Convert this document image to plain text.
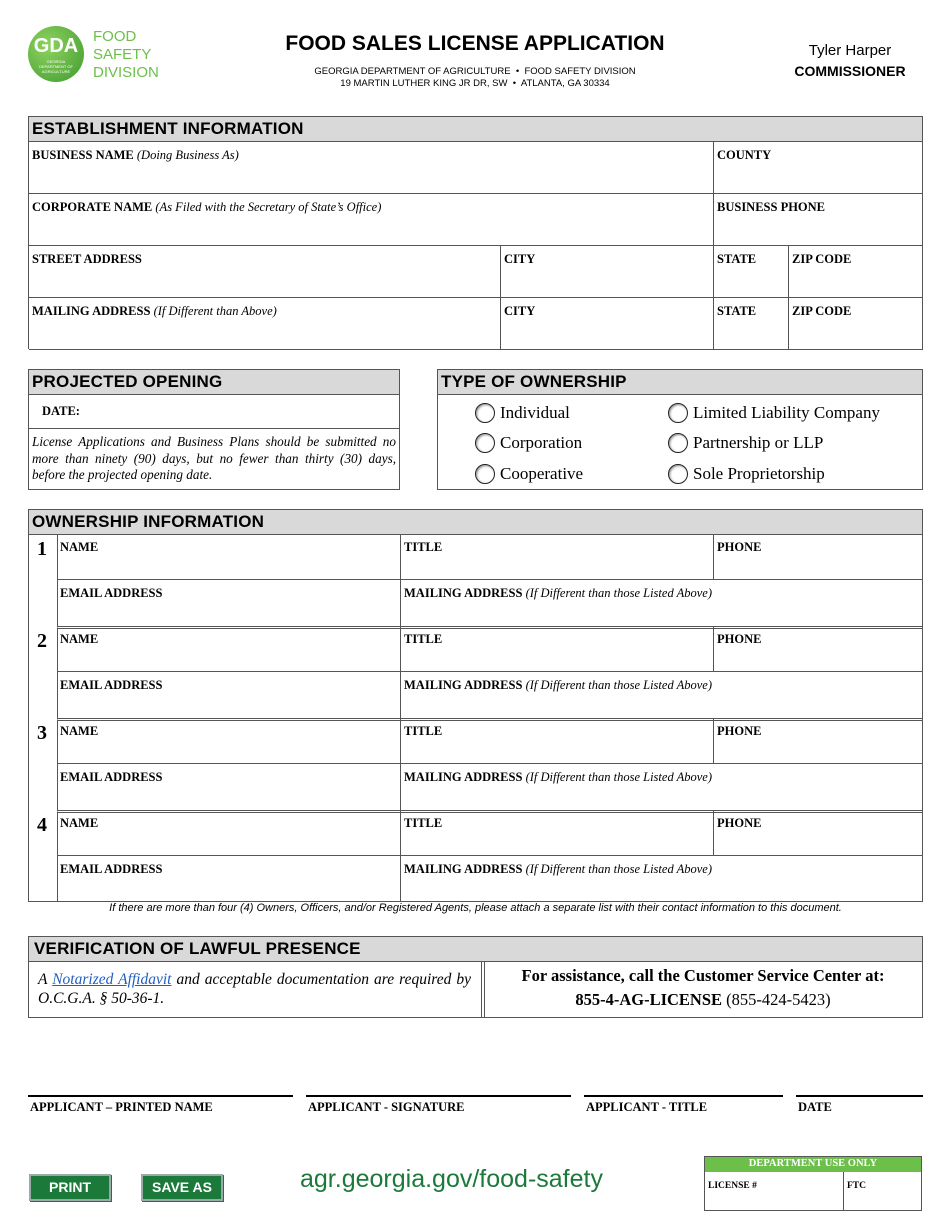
GDA
GEORGIA DEPARTMENT OF AGRICULTURE
FOOD
SAFETY
DIVISION
FOOD SALES LICENSE APPLICATION
GEORGIA DEPARTMENT OF AGRICULTURE  •  FOOD SAFETY DIVISION
19 MARTIN LUTHER KING JR DR, SW  •  ATLANTA, GA 30334
Tyler Harper
COMMISSIONER
ESTABLISHMENT INFORMATION
BUSINESS NAME (Doing Business As)	COUNTY
CORPORATE NAME (As Filed with the Secretary of State’s Office)	BUSINESS PHONE
STREET ADDRESS	CITY	STATE	ZIP CODE
MAILING ADDRESS (If Different than Above)	CITY	STATE	ZIP CODE
PROJECTED OPENING
DATE:
License Applications and Business Plans should be submitted no more than ninety (90) days, but no fewer than thirty (30) days, before the projected opening date.
TYPE OF OWNERSHIP
Individual	Limited Liability Company
Corporation	Partnership or LLP
Cooperative	Sole Proprietorship
OWNERSHIP INFORMATION
1 NAME	TITLE	PHONE
EMAIL ADDRESS	MAILING ADDRESS (If Different than those Listed Above)
2 NAME	TITLE	PHONE
EMAIL ADDRESS	MAILING ADDRESS (If Different than those Listed Above)
3 NAME	TITLE	PHONE
EMAIL ADDRESS	MAILING ADDRESS (If Different than those Listed Above)
4 NAME	TITLE	PHONE
EMAIL ADDRESS	MAILING ADDRESS (If Different than those Listed Above)
If there are more than four (4) Owners, Officers, and/or Registered Agents, please attach a separate list with their contact information to this document.
VERIFICATION OF LAWFUL PRESENCE
A Notarized Affidavit and acceptable documentation are required by O.C.G.A. § 50-36-1.
For assistance, call the Customer Service Center at:
855-4-AG-LICENSE (855-424-5423)
APPLICANT – PRINTED NAME	APPLICANT - SIGNATURE	APPLICANT - TITLE	DATE
PRINT	SAVE AS	agr.georgia.gov/food-safety
DEPARTMENT USE ONLY
LICENSE #	FTC
